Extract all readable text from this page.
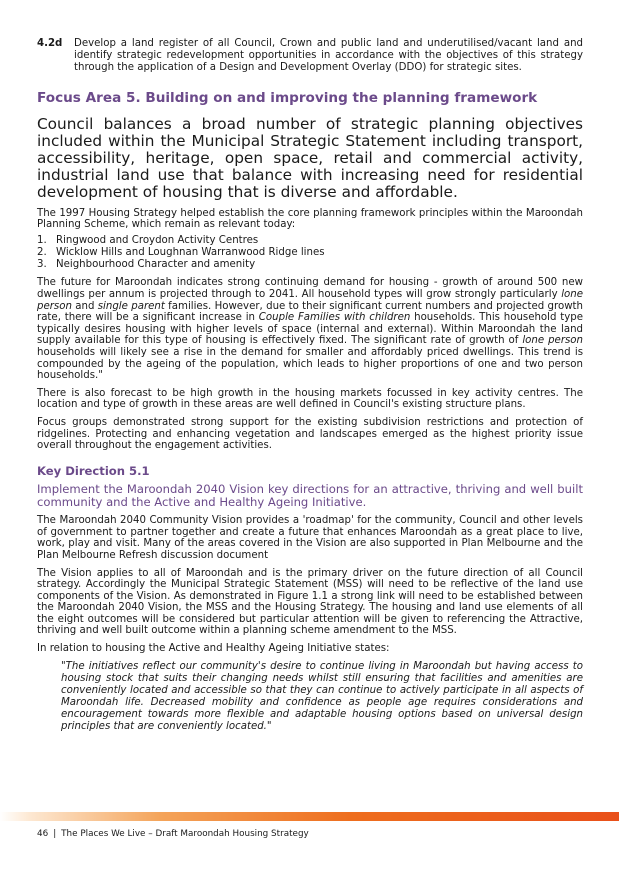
4.2d	Develop a land register of all Council, Crown and public land and underutilised/vacant land and identify strategic redevelopment opportunities in accordance with the objectives of this strategy through the application of a Design and Development Overlay (DDO) for strategic sites.
Focus Area 5. Building on and improving the planning framework

Council balances a broad number of strategic planning objectives included within the Municipal Strategic Statement including transport, accessibility, heritage, open space, retail and commercial activity, industrial land use that balance with increasing need for residential development of housing that is diverse and affordable.

The 1997 Housing Strategy helped establish the core planning framework principles within the Maroondah Planning Scheme, which remain as relevant today:

1. Ringwood and Croydon Activity Centres
2. Wicklow Hills and Loughnan Warranwood Ridge lines
3. Neighbourhood Character and amenity

The future for Maroondah indicates strong continuing demand for housing - growth of around 500 new dwellings per annum is projected through to 2041. All household types will grow strongly particularly lone person and single parent families. However, due to their significant current numbers and projected growth rate, there will be a significant increase in Couple Families with children households. This household type typically desires housing with higher levels of space (internal and external). Within Maroondah the land supply available for this type of housing is effectively fixed. The significant rate of growth of lone person households will likely see a rise in the demand for smaller and affordably priced dwellings. This trend is compounded by the ageing of the population, which leads to higher proportions of one and two person households."

There is also forecast to be high growth in the housing markets focussed in key activity centres. The location and type of growth in these areas are well defined in Council's existing structure plans.

Focus groups demonstrated strong support for the existing subdivision restrictions and protection of ridgelines. Protecting and enhancing vegetation and landscapes emerged as the highest priority issue overall throughout the engagement activities.

Key Direction 5.1
Implement the Maroondah 2040 Vision key directions for an attractive, thriving and well built community and the Active and Healthy Ageing Initiative.

The Maroondah 2040 Community Vision provides a 'roadmap' for the community, Council and other levels of government to partner together and create a future that enhances Maroondah as a great place to live, work, play and visit. Many of the areas covered in the Vision are also supported in Plan Melbourne and the Plan Melbourne Refresh discussion document

The Vision applies to all of Maroondah and is the primary driver on the future direction of all Council strategy. Accordingly the Municipal Strategic Statement (MSS) will need to be reflective of the land use components of the Vision. As demonstrated in Figure 1.1 a strong link will need to be established between the Maroondah 2040 Vision, the MSS and the Housing Strategy. The housing and land use elements of all the eight outcomes will be considered but particular attention will be given to referencing the Attractive, thriving and well built outcome within a planning scheme amendment to the MSS.

In relation to housing the Active and Healthy Ageing Initiative states:

"The initiatives reflect our community's desire to continue living in Maroondah but having access to housing stock that suits their changing needs whilst still ensuring that facilities and amenities are conveniently located and accessible so that they can continue to actively participate in all aspects of Maroondah life. Decreased mobility and confidence as people age requires considerations and encouragement towards more flexible and adaptable housing options based on universal design principles that are conveniently located."

46 | The Places We Live – Draft Maroondah Housing Strategy
